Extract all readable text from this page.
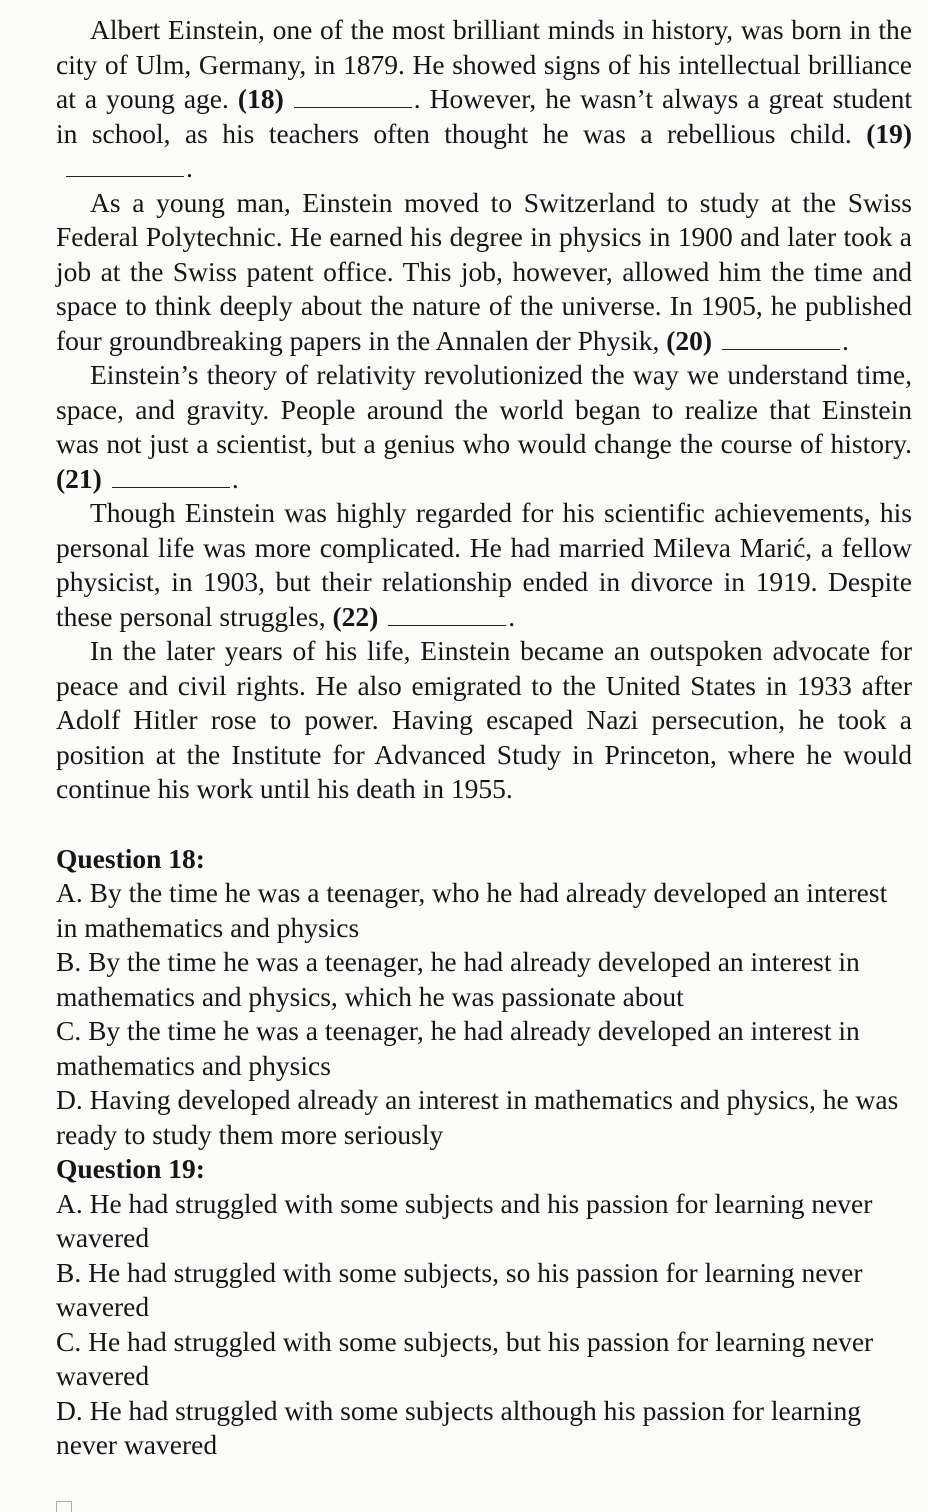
Albert Einstein, one of the most brilliant minds in history, was born in the city of Ulm, Germany, in 1879. He showed signs of his intellectual brilliance at a young age. (18)	. However, he wasn’t always a great student in school, as his teachers often thought he was a rebellious child. (19).

As a young man, Einstein moved to Switzerland to study at the Swiss Federal Polytechnic. He earned his degree in physics in 1900 and later took a job at the Swiss patent office. This job, however, allowed him the time and space to think deeply about the nature of the universe. In 1905, he published four groundbreaking papers in the Annalen der Physik, (20)	.

Einstein’s theory of relativity revolutionized the way we understand time, space, and gravity. People around the world began to realize that Einstein was not just a scientist, but a genius who would change the course of history. (21)	.

Though Einstein was highly regarded for his scientific achievements, his personal life was more complicated. He had married Mileva Marić, a fellow physicist, in 1903, but their relationship ended in divorce in 1919. Despite these personal struggles, (22)	.

In the later years of his life, Einstein became an outspoken advocate for peace and civil rights. He also emigrated to the United States in 1933 after Adolf Hitler rose to power. Having escaped Nazi persecution, he took a position at the Institute for Advanced Study in Princeton, where he would continue his work until his death in 1955.

Question 18:

A. By the time he was a teenager, who he had already developed an interest in mathematics and physics

B. By the time he was a teenager, he had already developed an interest in mathematics and physics, which he was passionate about

C. By the time he was a teenager, he had already developed an interest in mathematics and physics

D. Having developed already an interest in mathematics and physics, he was ready to study them more seriously

Question 19:

A. He had struggled with some subjects and his passion for learning never wavered

B. He had struggled with some subjects, so his passion for learning never wavered

C. He had struggled with some subjects, but his passion for learning never wavered

D. He had struggled with some subjects although his passion for learning never wavered
